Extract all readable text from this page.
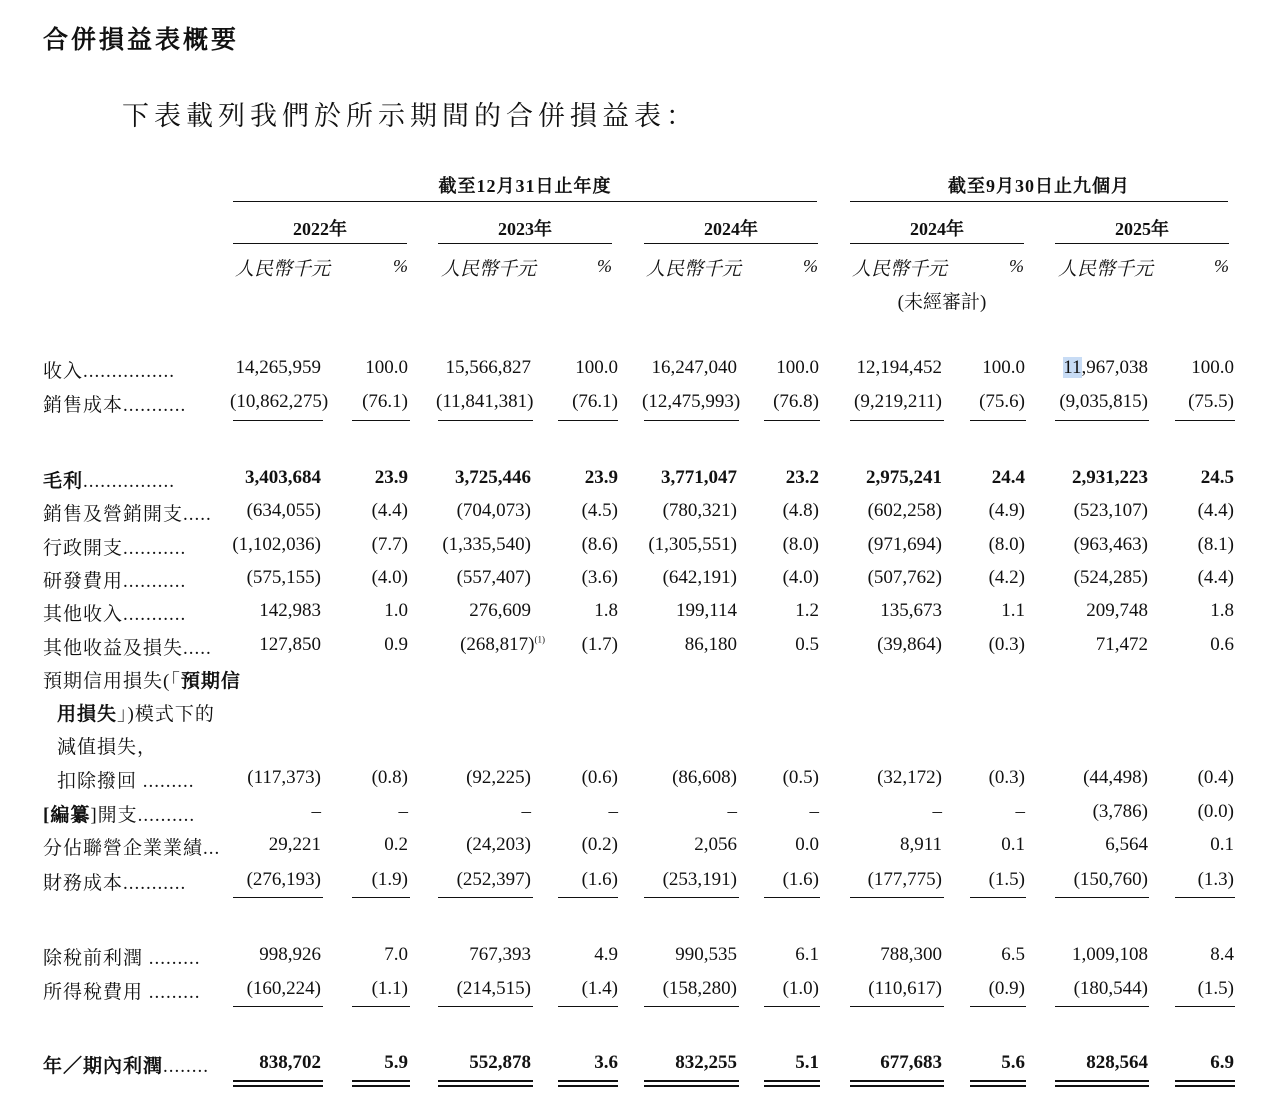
合併損益表概要
下表載列我們於所示期間的合併損益表：
截至12月31日止年度	截至9月30日止九個月
2022年	2023年	2024年	2024年	2025年
人民幣千元	% 人民幣千元	% 人民幣千元	% 人民幣千元	%
(未經審計)
人民幣千元	%
收入................	14,265,959	100.0	15,566,827	100.0	16,247,040	100.0	12,194,452	100.0	11,967,038	100.0
銷售成本........... (10,862,275)	(76.1) (11,841,381)	(76.1) (12,475,993)	(76.8)	(9,219,211)	(75.6)	(9,035,815)	(75.5)
毛利................	3,403,684	23.9	3,725,446	23.9	3,771,047	23.2	2,975,241	24.4	2,931,223	24.5
銷售及營銷開支.....	(634,055)	(4.4)	(704,073)	(4.5)	(780,321)	(4.8)	(602,258)	(4.9)	(523,107)	(4.4)
行政開支........... (1,102,036)	(7.7)	(1,335,540)	(8.6)	(1,305,551)	(8.0)	(971,694)	(8.0)	(963,463)	(8.1)
研發費用...........	(575,155)	(4.0)	(557,407)	(3.6)	(642,191)	(4.0)	(507,762)	(4.2)	(524,285)	(4.4)
其他收入...........	142,983	1.0	276,609	1.8	199,114	1.2	135,673	1.1	209,748	1.8
其他收益及損失.....	127,850	0.9	$(268,817)^{(1)}$	(1.7)	86,180	0.5	(39,864)	(0.3)	71,472	0.6
預期信用損失(「預期信
用損失」)模式下的
減值損失，
扣除撥回 .........	(117,373)	(0.8)	(92,225)	(0.6)	(86,608)	(0.5)	(32,172)	(0.3)	(44,498)	(0.4)
[編纂]開支..........	–	–	–	–	–	–	–	–	(3,786)	(0.0)
分佔聯營企業業績...	29,221	0.2	(24,203)	(0.2)	2,056	0.0	8,911	0.1	6,564	0.1
財務成本...........	(276,193)	(1.9)	(252,397)	(1.6)	(253,191)	(1.6)	(177,775)	(1.5)	(150,760)	(1.3)
除稅前利潤 .........	998,926	7.0	767,393	4.9	990,535	6.1	788,300	6.5	1,009,108	8.4
所得稅費用 .........	(160,224)	(1.1)	(214,515)	(1.4)	(158,280)	(1.0)	(110,617)	(0.9)	(180,544)	(1.5)
年／期內利潤........	838,702	5.9	552,878	3.6	832,255	5.1	677,683	5.6	828,564	6.9
